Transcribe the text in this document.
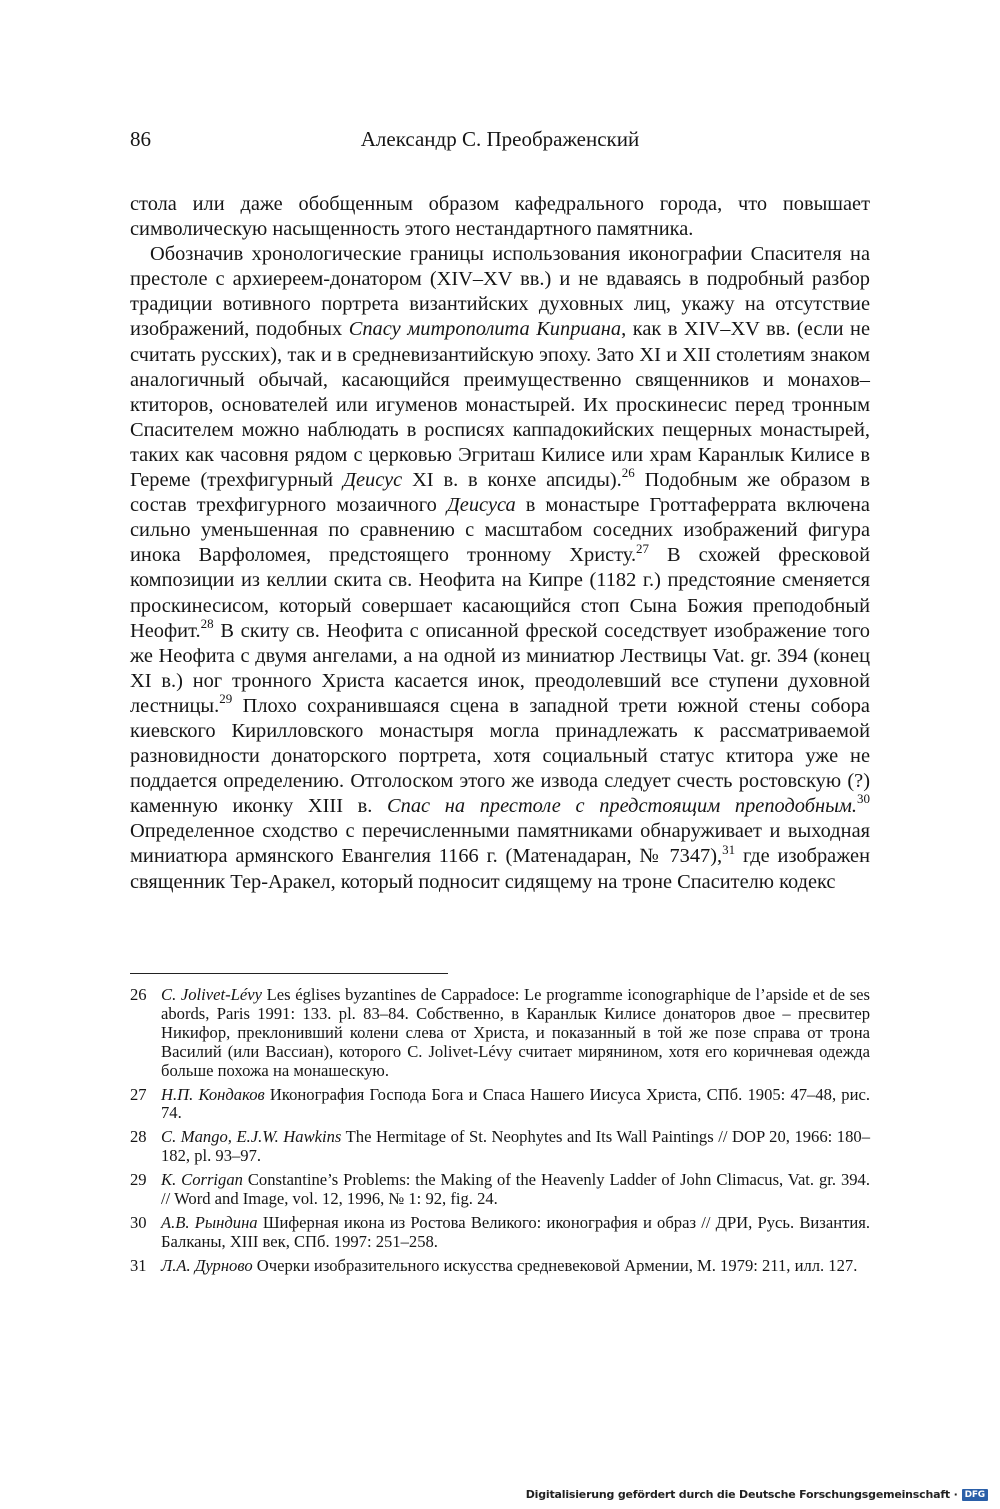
86	Александр С. Преображенский

стола или даже обобщенным образом кафедрального города, что повышает символическую насыщенность этого нестандартного памятника.

Обозначив хронологические границы использования иконографии Спасителя на престоле с архиереем-донатором (XIV–XV вв.) и не вдаваясь в подробный разбор традиции вотивного портрета византийских духовных лиц, укажу на отсутствие изображений, подобных Спасу митрополита Киприана, как в XIV–XV вв. (если не считать русских), так и в средневизантийскую эпоху. Зато XI и XII столетиям знаком аналогичный обычай, касающийся преимущественно священников и монахов–ктиторов, основателей или игуменов монастырей. Их проскинесис перед тронным Спасителем можно наблюдать в росписях каппадокийских пещерных монастырей, таких как часовня рядом с церковью Эгриташ Килисе или храм Каранлык Килисе в Гереме (трехфигурный Деисус XI в. в конхе апсиды).$^{26}$ Подобным же образом в состав трехфигурного мозаичного Деисуса в монастыре Гроттаферрата включена сильно уменьшенная по сравнению с масштабом соседних изображений фигура инока Варфоломея, предстоящего тронному Христу.$^{27}$ В схожей фресковой композиции из келлии скита св. Неофита на Кипре (1182 г.) предстояние сменяется проскинесисом, который совершает касающийся стоп Сына Божия преподобный Неофит.$^{28}$ В скиту св. Неофита с описанной фреской соседствует изображение того же Неофита с двумя ангелами, а на одной из миниатюр Лествицы Vat. gr. 394 (конец XI в.) ног тронного Христа касается инок, преодолевший все ступени духовной лестницы.$^{29}$ Плохо сохранившаяся сцена в западной трети южной стены собора киевского Кирилловского монастыря могла принадлежать к рассматриваемой разновидности донаторского портрета, хотя социальный статус ктитора уже не поддается определению. Отголоском этого же извода следует счесть ростовскую (?) каменную иконку XIII в. Спас на престоле с предстоящим преподобным.$^{30}$ Определенное сходство с перечисленными памятниками обнаруживает и выходная миниатюра армянского Евангелия 1166 г. (Матенадаран, № 7347),$^{31}$ где изображен священник Тер-Аракел, который подносит сидящему на троне Спасителю кодекс

26 C. Jolivet-Lévy Les églises byzantines de Cappadoce: Le programme iconographique de l’apside et de ses abords, Paris 1991: 133. pl. 83–84. Собственно, в Каранлык Килисе донаторов двое – пресвитер Никифор, преклонивший колени слева от Христа, и показанный в той же позе справа от трона Василий (или Вассиан), которого C. Jolivet-Lévy считает мирянином, хотя его коричневая одежда больше похожа на монашескую.
27 Н.П. Кондаков Иконография Господа Бога и Спаса Нашего Иисуса Христа, СПб. 1905: 47–48, рис. 74.
28 C. Mango, E.J.W. Hawkins The Hermitage of St. Neophytes and Its Wall Paintings // DOP 20, 1966: 180–182, pl. 93–97.
29 K. Corrigan Constantine’s Problems: the Making of the Heavenly Ladder of John Climacus, Vat. gr. 394. // Word and Image, vol. 12, 1996, № 1: 92, fig. 24.
30 А.В. Рындина Шиферная икона из Ростова Великого: иконография и образ // ДРИ, Русь. Византия. Балканы, XIII век, СПб. 1997: 251–258.
31 Л.А. Дурново Очерки изобразительного искусства средневековой Армении, М. 1979: 211, илл. 127.
Digitalisierung gefördert durch die Deutsche Forschungsgemeinschaft · DFG
